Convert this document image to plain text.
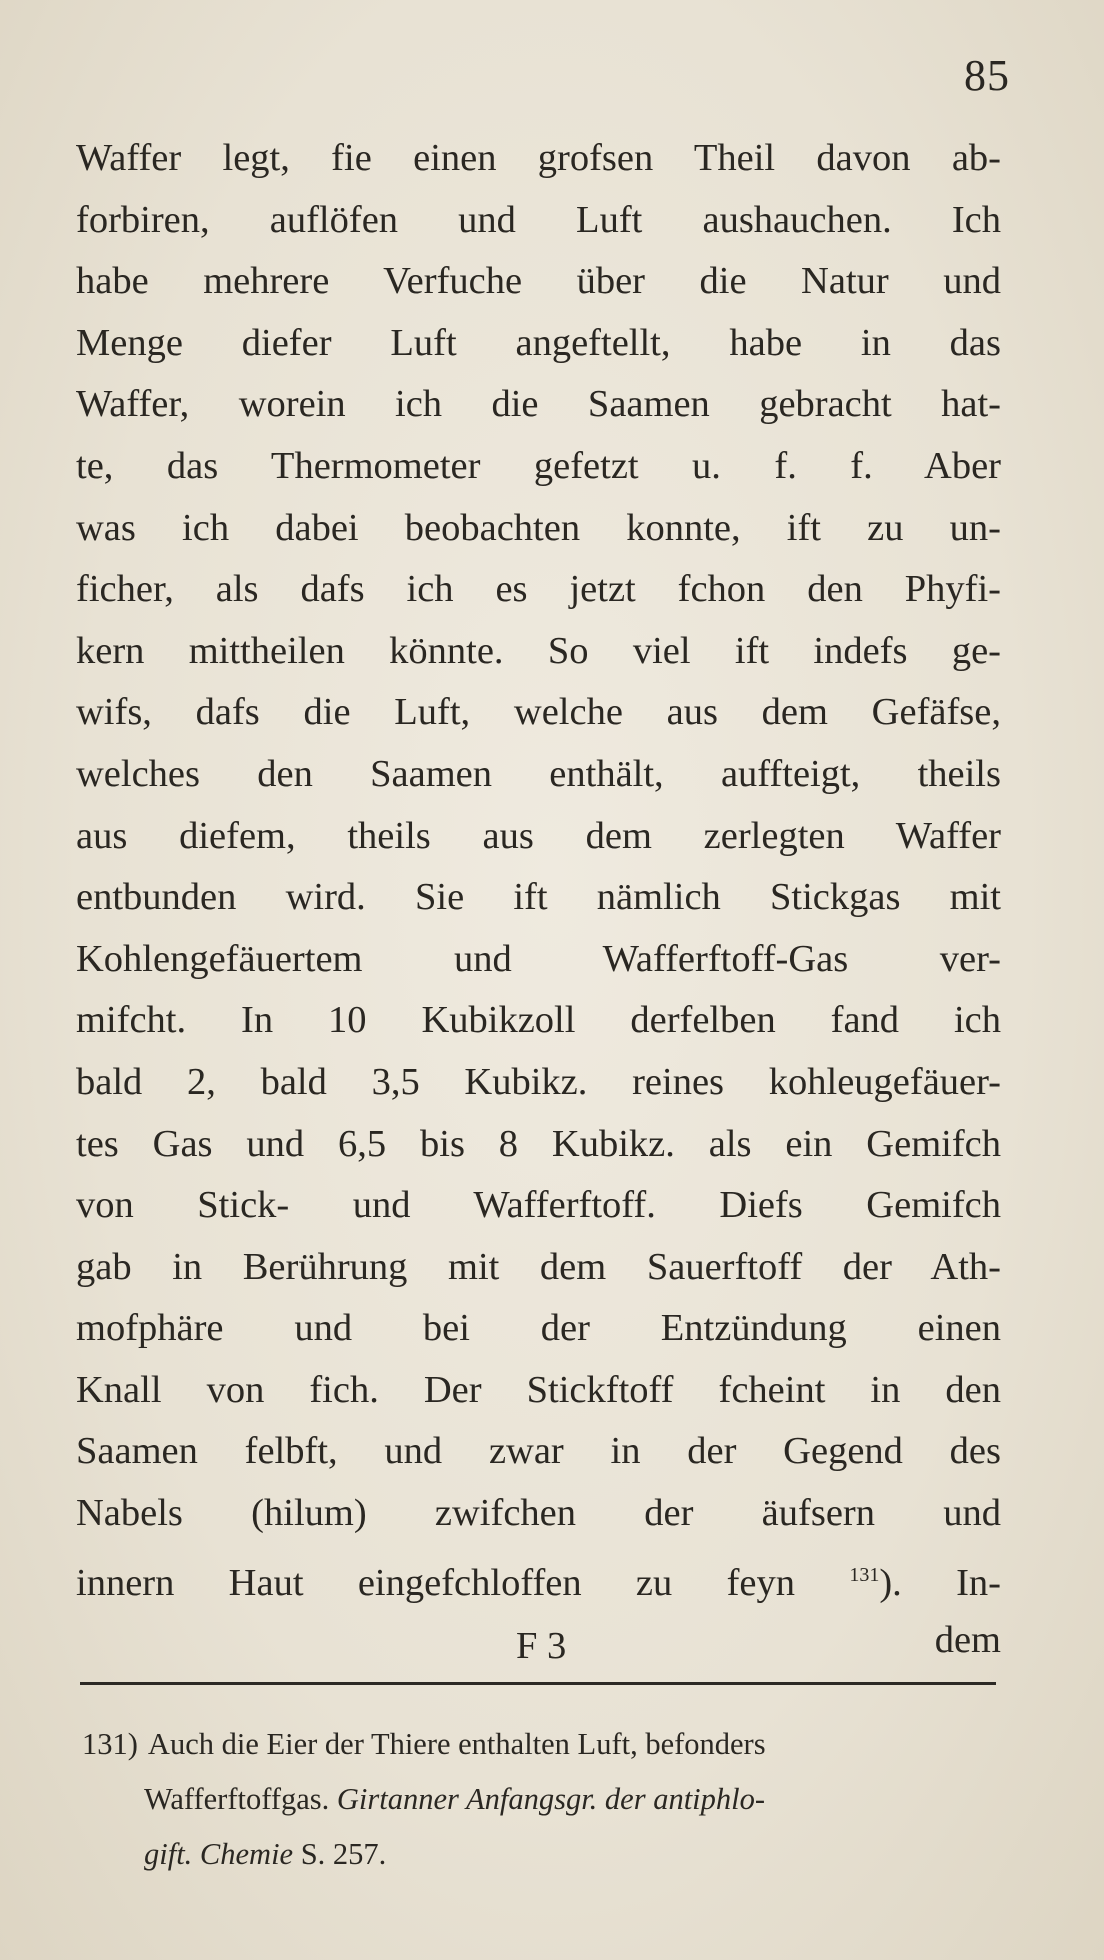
85
Waffer legt, fie einen grofsen Theil davon ab-
forbiren, auflöfen und Luft aushauchen. Ich
habe mehrere Verfuche über die Natur und
Menge diefer Luft angeftellt, habe in das
Waffer, worein ich die Saamen gebracht hat-
te, das Thermometer gefetzt u. f. f. Aber
was ich dabei beobachten konnte, ift zu un-
ficher, als dafs ich es jetzt fchon den Phyfi-
kern mittheilen könnte. So viel ift indefs ge-
wifs, dafs die Luft, welche aus dem Gefäfse,
welches den Saamen enthält, auffteigt, theils
aus diefem, theils aus dem zerlegten Waffer
entbunden wird. Sie ift nämlich Stickgas mit
Kohlengefäuertem und Wafferftoff-Gas ver-
mifcht. In 10 Kubikzoll derfelben fand ich
bald 2, bald 3,5 Kubikz. reines kohleugefäuer-
tes Gas und 6,5 bis 8 Kubikz. als ein Gemifch
von Stick- und Wafferftoff. Diefs Gemifch
gab in Berührung mit dem Sauerftoff der Ath-
mofphäre und bei der Entzündung einen
Knall von fich. Der Stickftoff fcheint in den
Saamen felbft, und zwar in der Gegend des
Nabels (hilum) zwifchen der äufsern und
innern Haut eingefchloffen zu feyn	$^{131}$). In-
F 3	dem
131) Auch die Eier der Thiere enthalten Luft, befonders
Wafferftoffgas. Girtanner Anfangsgr. der antiphlo-
gift. Chemie S. 257.
